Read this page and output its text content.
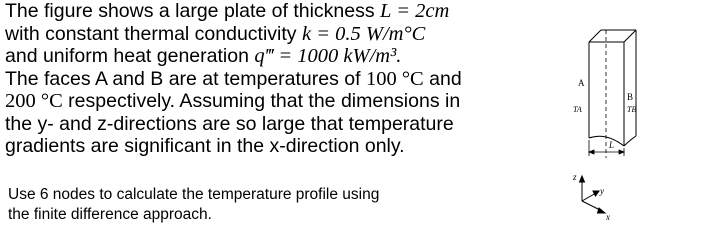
The figure shows a large plate of thickness L = 2cm
with constant thermal conductivity k = 0.5 W/m°C
and uniform heat generation q‴ = 1000 kW/m³.
The faces A and B are at temperatures of 100 °C and
200 °C respectively. Assuming that the dimensions in
the y- and z-directions are so large that temperature
gradients are significant in the x-direction only.
Use 6 nodes to calculate the temperature profile using
the finite difference approach.
L
A
B
TA	TB
z
y
x
